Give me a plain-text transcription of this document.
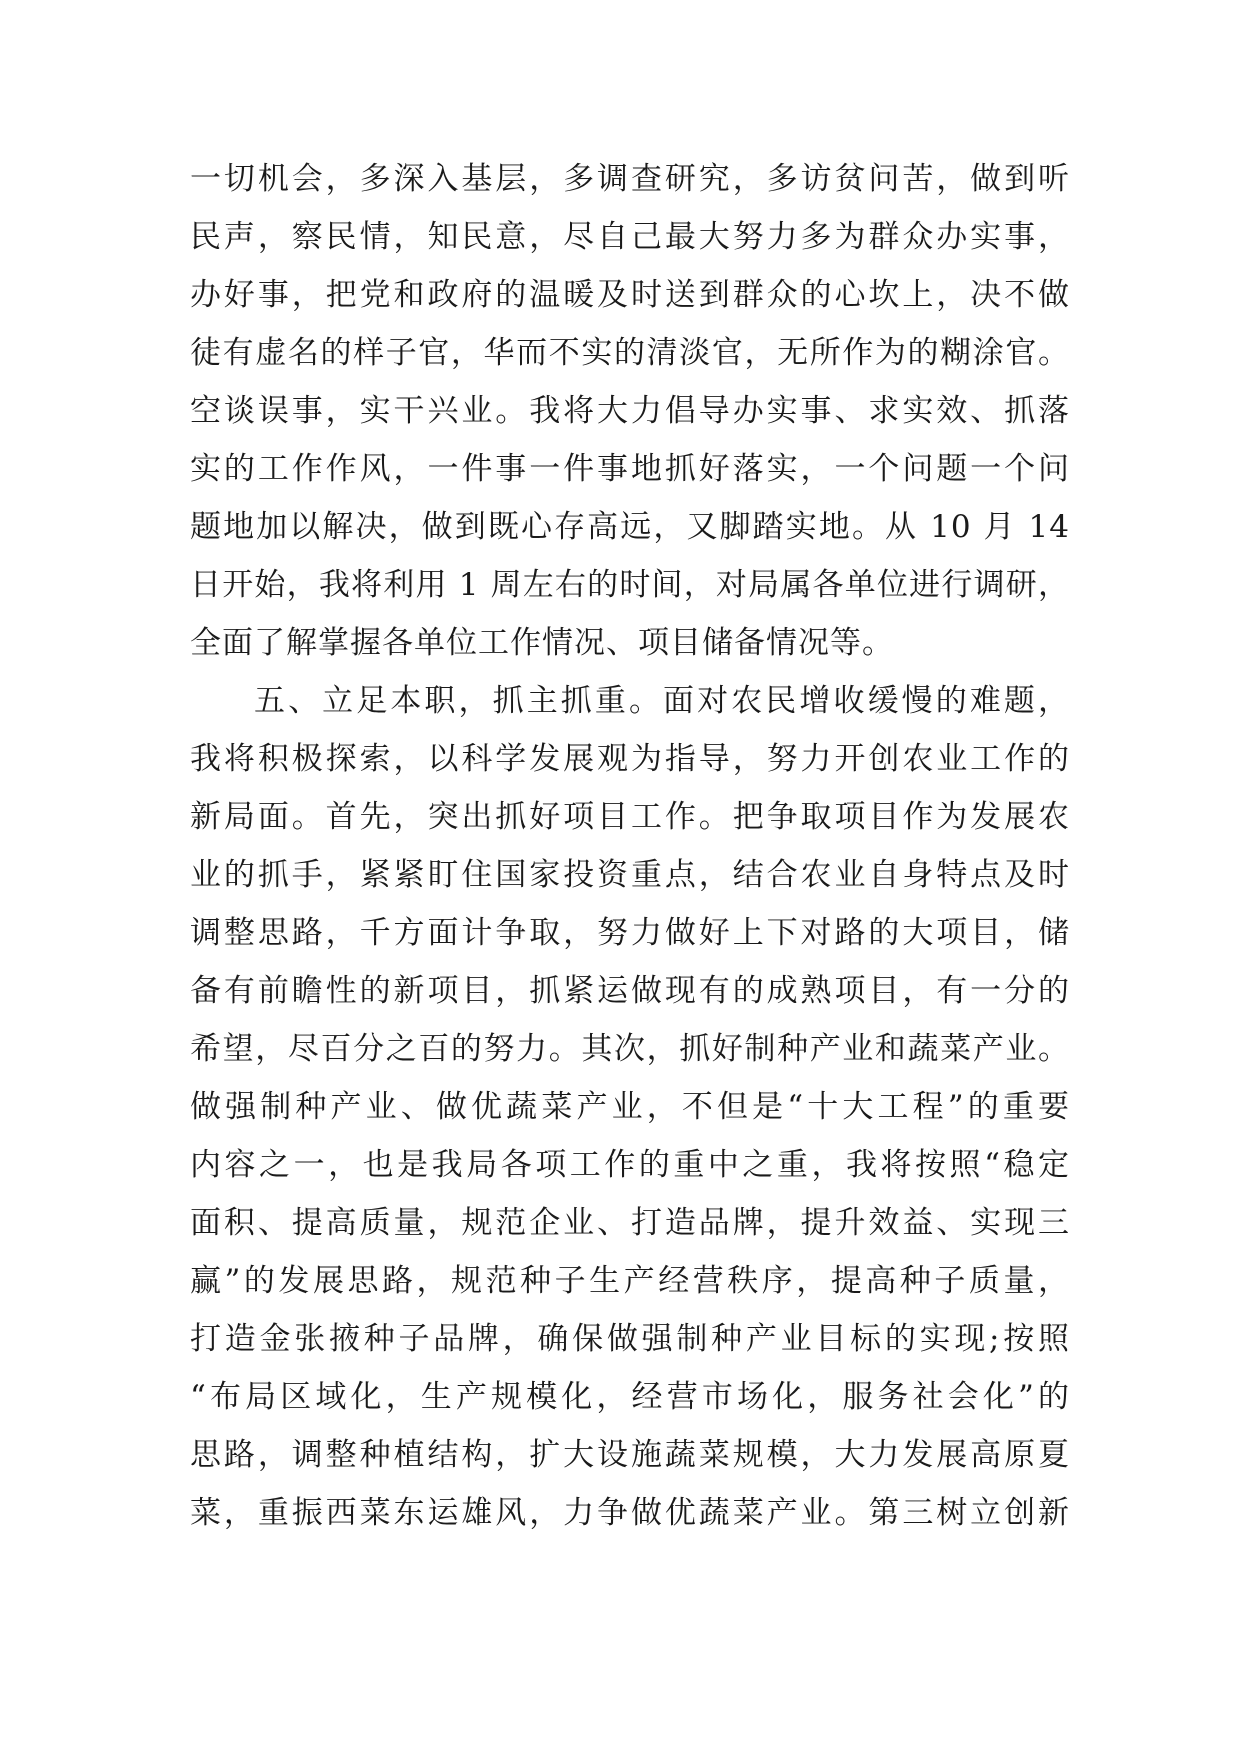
一切机会，多深入基层，多调查研究，多访贫问苦，做到听
民声，察民情，知民意，尽自己最大努力多为群众办实事，
办好事，把党和政府的温暖及时送到群众的心坎上，决不做
徒有虚名的样子官，华而不实的清淡官，无所作为的糊涂官。
空谈误事，实干兴业。我将大力倡导办实事、求实效、抓落
实的工作作风，一件事一件事地抓好落实，一个问题一个问
题地加以解决，做到既心存高远，又脚踏实地。从 10 月 14
日开始，我将利用 1 周左右的时间，对局属各单位进行调研，
全面了解掌握各单位工作情况、项目储备情况等。
五、立足本职，抓主抓重。面对农民增收缓慢的难题，
我将积极探索，以科学发展观为指导，努力开创农业工作的
新局面。首先，突出抓好项目工作。把争取项目作为发展农
业的抓手，紧紧盯住国家投资重点，结合农业自身特点及时
调整思路，千方面计争取，努力做好上下对路的大项目，储
备有前瞻性的新项目，抓紧运做现有的成熟项目，有一分的
希望，尽百分之百的努力。其次，抓好制种产业和蔬菜产业。
做强制种产业、做优蔬菜产业，不但是“十大工程”的重要
内容之一，也是我局各项工作的重中之重，我将按照“稳定
面积、提高质量，规范企业、打造品牌，提升效益、实现三
赢”的发展思路，规范种子生产经营秩序，提高种子质量，
打造金张掖种子品牌，确保做强制种产业目标的实现;按照
“布局区域化，生产规模化，经营市场化，服务社会化”的
思路，调整种植结构，扩大设施蔬菜规模，大力发展高原夏
菜，重振西菜东运雄风，力争做优蔬菜产业。第三树立创新
